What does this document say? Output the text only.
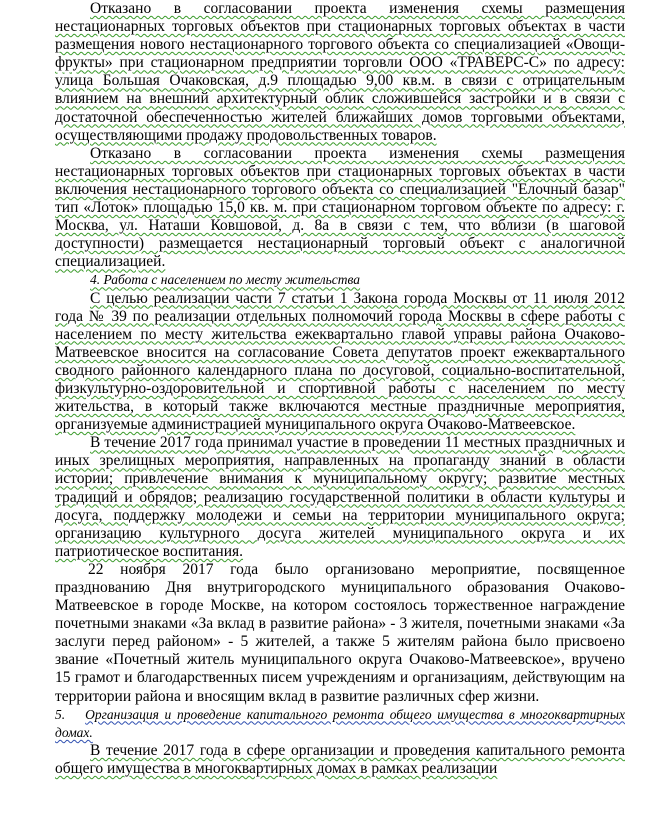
Отказано в согласовании проекта изменения схемы размещения нестационарных торговых объектов при стационарных торговых объектах в части размещения нового нестационарного торгового объекта со специализацией «Овощи-фрукты» при стационарном предприятии торговли ООО «ТРАВЕРС-С» по адресу: улица Большая Очаковская, д.9 площадью 9,00 кв.м. в связи с отрицательным влиянием на внешний архитектурный облик сложившейся застройки и в связи с достаточной обеспеченностью жителей ближайших домов торговыми объектами, осуществляющими продажу продовольственных товаров.

Отказано в согласовании проекта изменения схемы размещения нестационарных торговых объектов при стационарных торговых объектах в части включения нестационарного торгового объекта со специализацией "Елочный базар" тип «Лоток» площадью 15,0 кв. м. при стационарном торговом объекте по адресу: г. Москва, ул. Наташи Ковшовой, д. 8а в связи с тем, что вблизи (в шаговой доступности) размещается нестационарный торговый объект с аналогичной специализацией.

4. Работа с населением по месту жительства

С целью реализации части 7 статьи 1 Закона города Москвы от 11 июля 2012 года № 39 по реализации отдельных полномочий города Москвы в сфере работы с населением по месту жительства ежеквартально главой управы района Очаково-Матвеевское вносится на согласование Совета депутатов проект ежеквартального сводного районного календарного плана по досуговой, социально-воспитательной, физкультурно-оздоровительной и спортивной работы с населением по месту жительства, в который также включаются местные праздничные мероприятия, организуемые администрацией муниципального округа Очаково-Матвеевское.

В течение 2017 года принимал участие в проведении 11 местных праздничных и иных зрелищных мероприятия, направленных на пропаганду знаний в области истории; привлечение внимания к муниципальному округу; развитие местных традиций и обрядов; реализацию государственной политики в области культуры и досуга, поддержку молодежи и семьи на территории муниципального округа; организацию культурного досуга жителей муниципального округа и их патриотическое воспитания.

22 ноября 2017 года было организовано мероприятие, посвященное празднованию Дня внутригородского муниципального образования Очаково-Матвеевское в городе Москве, на котором состоялось торжественное награждение почетными знаками «За вклад в развитие района» - 3 жителя, почетными знаками «За заслуги перед районом» - 5 жителей, а также 5 жителям района было присвоено звание «Почетный житель муниципального округа Очаково-Матвеевское», вручено 15 грамот и благодарственных писем учреждениям и организациям, действующим на территории района и вносящим вклад в развитие различных сфер жизни.

5. Организация и проведение капитального ремонта общего имущества в многоквартирных домах.

В течение 2017 года в сфере организации и проведения капитального ремонта общего имущества в многоквартирных домах в рамках реализации
